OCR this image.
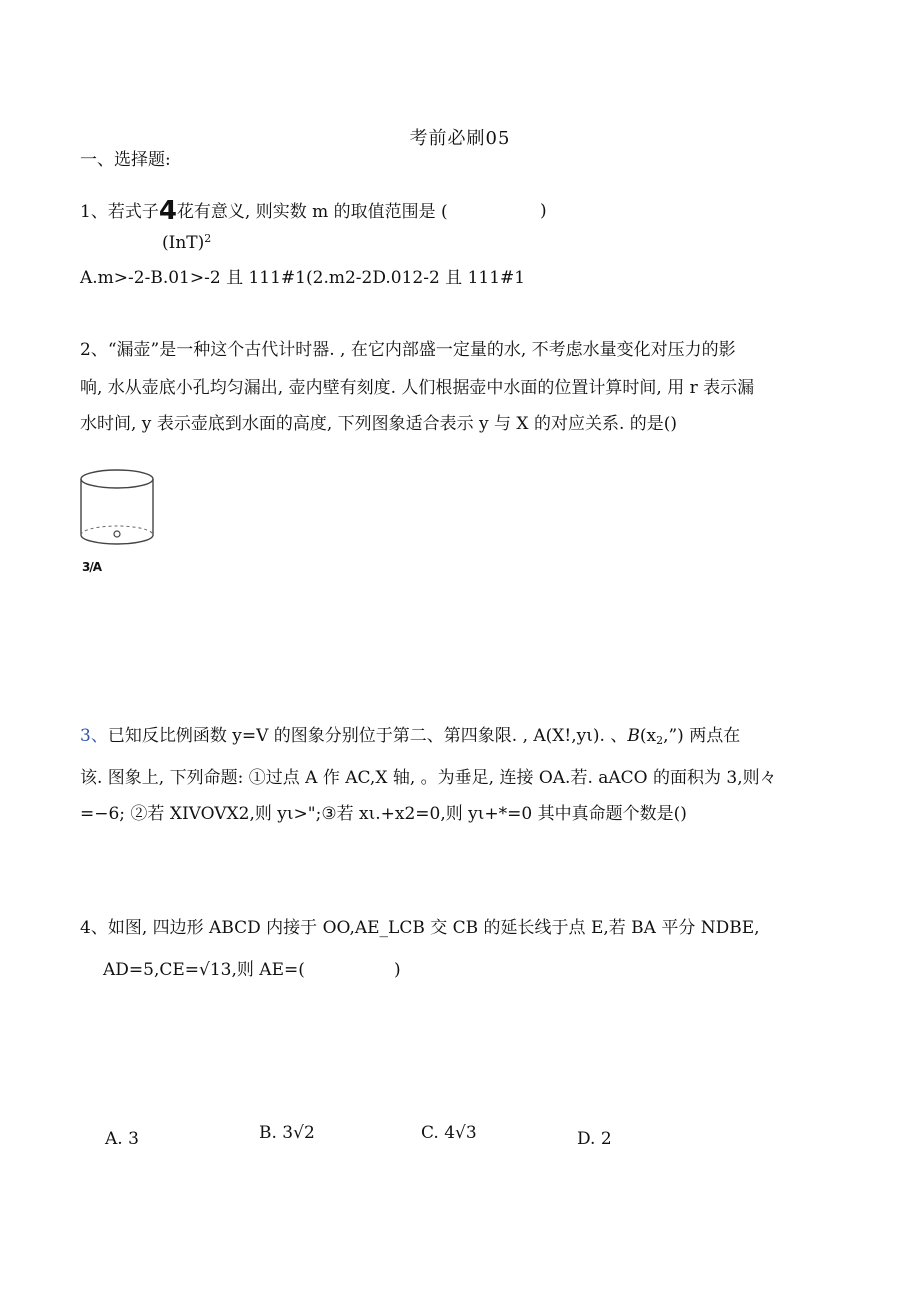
考前必刷05
一、选择题:
1、若式子4花有意义, 则实数 m 的取值范围是 (	)
(InT)$^2$
A.m>-2-B.01>-2 且 111#1(2.m2-2D.012-2 且 111#1
2、“漏壶”是一种这个古代计时器. , 在它内部盛一定量的水, 不考虑水量变化对压力的影
响, 水从壶底小孔均匀漏出, 壶内壁有刻度. 人们根据壶中水面的位置计算时间, 用 r 表示漏
水时间, y 表示壶底到水面的高度, 下列图象适合表示 y 与 X 的对应关系. 的是()
3/A
3、已知反比例函数 y=V 的图象分别位于第二、第四象限. , A(X!,yι). 、$B(x_2,”)$ 两点在
该. 图象上, 下列命题: ①过点 A 作 AC,X 轴, 。为垂足, 连接 OA.若. aACO 的面积为 3,则々
=−6; ②若 XIVOVX2,则 yι>";③若 xι.+x2=0,则 yι+*=0 其中真命题个数是()
4、如图, 四边形 ABCD 内接于 OO,AE_LCB 交 CB 的延长线于点 E,若 BA 平分 NDBE,
AD=5,CE=√13,则 AE=(	)
A. 3	B. 3√2	C. 4√3	D. 2
